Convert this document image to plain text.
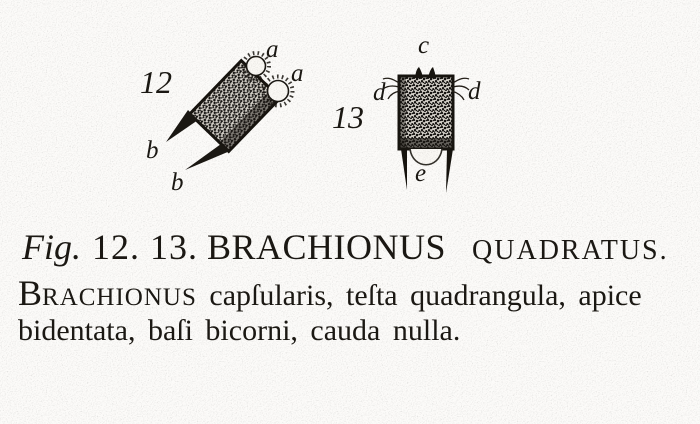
12
a
a
b
b
13
c
d	d
e
Fig. 12. 13. BRACHIONUS QUADRATUS.
BRACHIONUS capſularis, teſta quadrangula, apice
bidentata, baſi bicorni, cauda nulla.
